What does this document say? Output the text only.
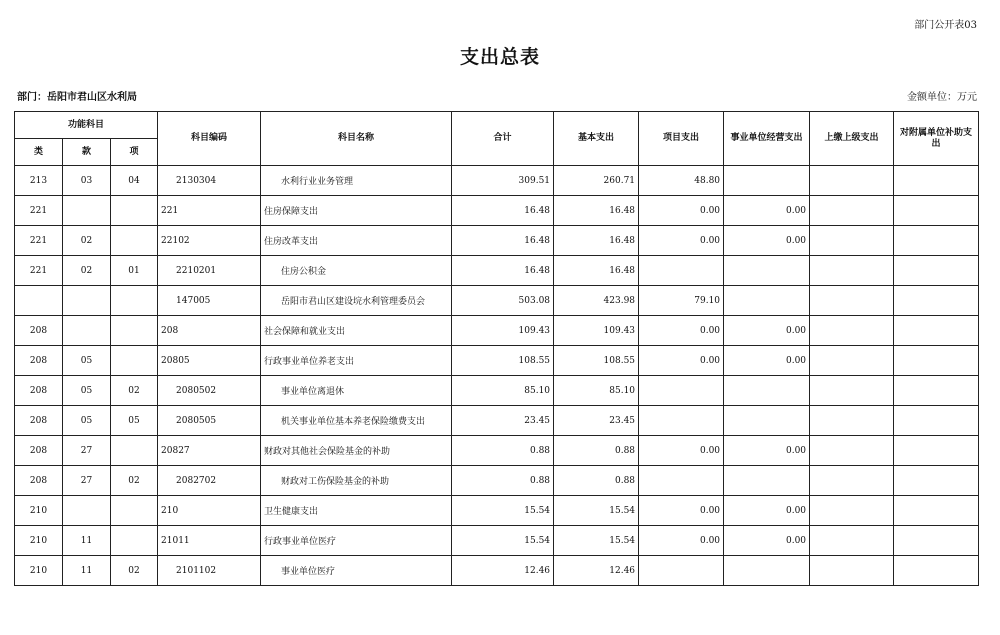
部门公开表03
支出总表
部门：岳阳市君山区水利局	金额单位：万元
功能科目			科目编码	科目名称	合计	基本支出	项目支出	事业单位经营支出	上缴上级支出	对附属单位补助支出
类	款	项								
213	03	04	2130304	水利行业业务管理	309.51	260.71	48.80			
221			221	住房保障支出	16.48	16.48	0.00	0.00		
221	02		22102	住房改革支出	16.48	16.48	0.00	0.00		
221	02	01	2210201	住房公积金	16.48	16.48				
			147005	岳阳市君山区建设垸水利管理委员会	503.08	423.98	79.10			
208			208	社会保障和就业支出	109.43	109.43	0.00	0.00		
208	05		20805	行政事业单位养老支出	108.55	108.55	0.00	0.00		
208	05	02	2080502	事业单位离退休	85.10	85.10				
208	05	05	2080505	机关事业单位基本养老保险缴费支出	23.45	23.45				
208	27		20827	财政对其他社会保险基金的补助	0.88	0.88	0.00	0.00		
208	27	02	2082702	财政对工伤保险基金的补助	0.88	0.88				
210			210	卫生健康支出	15.54	15.54	0.00	0.00		
210	11		21011	行政事业单位医疗	15.54	15.54	0.00	0.00		
210	11	02	2101102	事业单位医疗	12.46	12.46				
